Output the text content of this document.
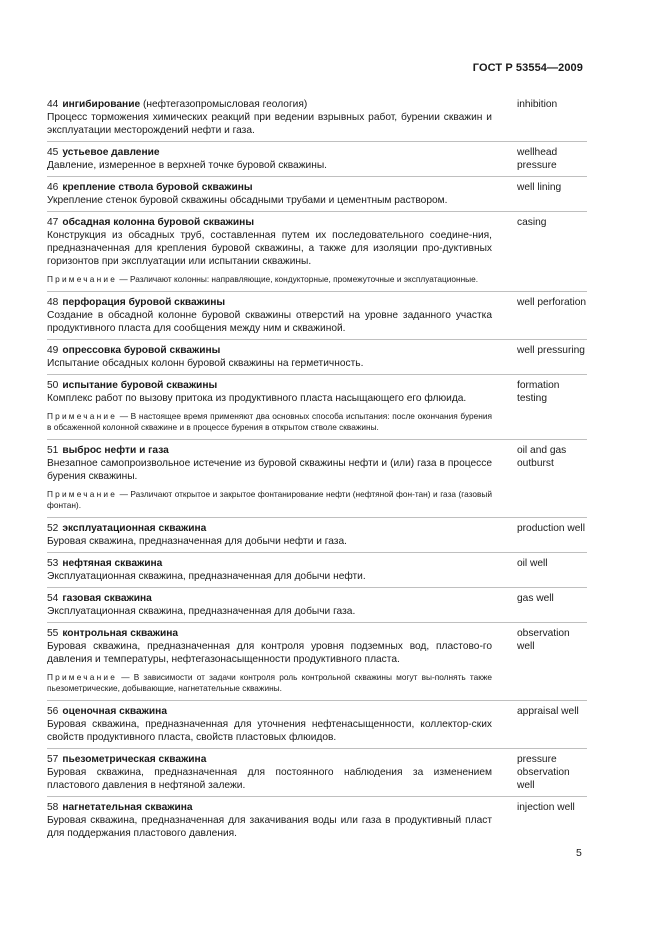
ГОСТ Р 53554—2009
44 ингибирование (нефтегазопромысловая геология)
Процесс торможения химических реакций при ведении взрывных работ, бурении скважин и эксплуатации месторождений нефти и газа.
inhibition
45 устьевое давление
Давление, измеренное в верхней точке буровой скважины.
wellhead pressure
46 крепление ствола буровой скважины
Укрепление стенок буровой скважины обсадными трубами и цементным раствором.
well lining
47 обсадная колонна буровой скважины
Конструкция из обсадных труб, составленная путем их последовательного соедине-ния, предназначенная для крепления буровой скважины, а также для изоляции про-дуктивных горизонтов при эксплуатации или испытании скважины.
Примечание — Различают колонны: направляющие, кондукторные, промежуточные и эксплуатационные.
casing
48 перфорация буровой скважины
Создание в обсадной колонне буровой скважины отверстий на уровне заданного участка продуктивного пласта для сообщения между ним и скважиной.
well perforation
49 опрессовка буровой скважины
Испытание обсадных колонн буровой скважины на герметичность.
well pressuring
50 испытание буровой скважины
Комплекс работ по вызову притока из продуктивного пласта насыщающего его флюида.
Примечание — В настоящее время применяют два основных способа испытания: после окончания бурения в обсаженной колонной скважине и в процессе бурения в открытом стволе скважины.
formation testing
51 выброс нефти и газа
Внезапное самопроизвольное истечение из буровой скважины нефти и (или) газа в процессе бурения скважины.
Примечание — Различают открытое и закрытое фонтанирование нефти (нефтяной фон-тан) и газа (газовый фонтан).
oil and gas outburst
52 эксплуатационная скважина
Буровая скважина, предназначенная для добычи нефти и газа.
production well
53 нефтяная скважина
Эксплуатационная скважина, предназначенная для добычи нефти.
oil well
54 газовая скважина
Эксплуатационная скважина, предназначенная для добычи газа.
gas well
55 контрольная скважина
Буровая скважина, предназначенная для контроля уровня подземных вод, пластово-го давления и температуры, нефтегазонасыщенности продуктивного пласта.
Примечание — В зависимости от задачи контроля роль контрольной скважины могут вы-полнять также пьезометрические, добывающие, нагнетательные скважины.
observation well
56 оценочная скважина
Буровая скважина, предназначенная для уточнения нефтенасыщенности, коллектор-ских свойств продуктивного пласта, свойств пластовых флюидов.
appraisal well
57 пьезометрическая скважина
Буровая скважина, предназначенная для постоянного наблюдения за изменением пластового давления в нефтяной залежи.
pressure observation well
58 нагнетательная скважина
Буровая скважина, предназначенная для закачивания воды или газа в продуктивный пласт для поддержания пластового давления.
injection well
5
